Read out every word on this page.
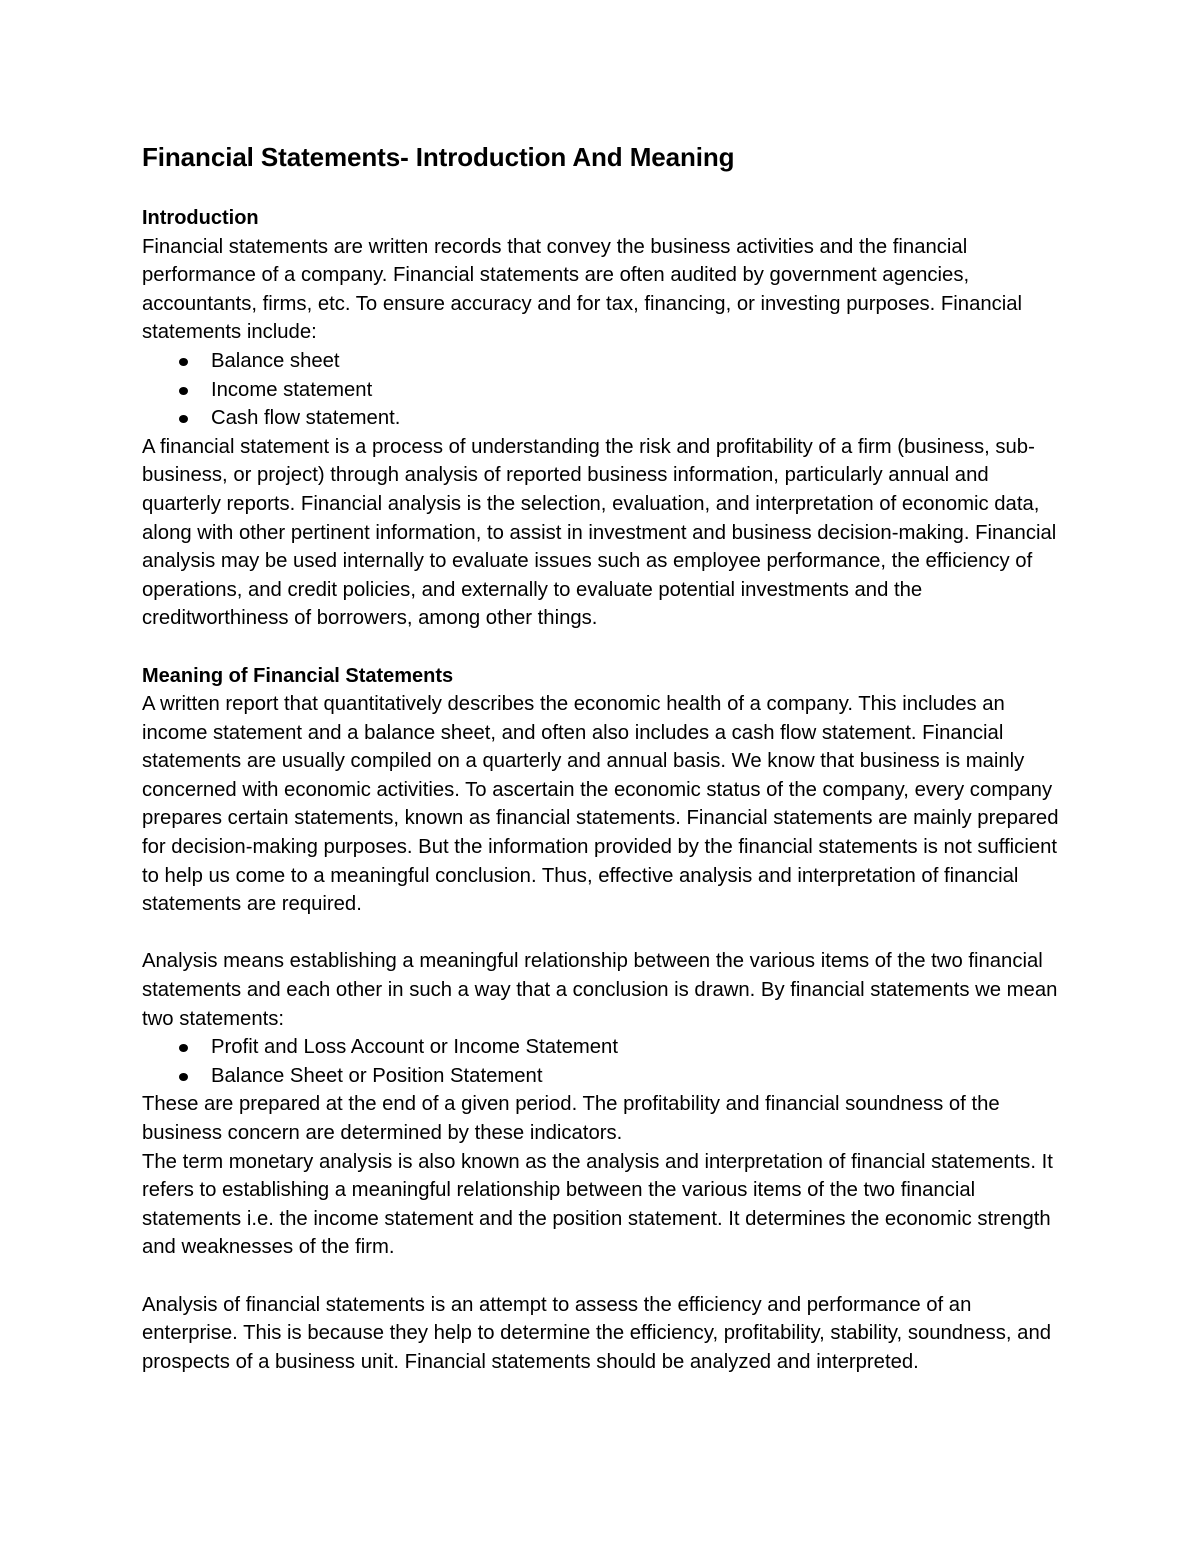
Financial Statements- Introduction And Meaning
Introduction

Financial statements are written records that convey the business activities and the financial performance of a company. Financial statements are often audited by government agencies, accountants, firms, etc. To ensure accuracy and for tax, financing, or investing purposes. Financial statements include:

Balance sheet
Income statement
Cash flow statement.

A financial statement is a process of understanding the risk and profitability of a firm (business, sub-business, or project) through analysis of reported business information, particularly annual and quarterly reports. Financial analysis is the selection, evaluation, and interpretation of economic data, along with other pertinent information, to assist in investment and business decision-making. Financial analysis may be used internally to evaluate issues such as employee performance, the efficiency of operations, and credit policies, and externally to evaluate potential investments and the creditworthiness of borrowers, among other things.

Meaning of Financial Statements

A written report that quantitatively describes the economic health of a company. This includes an income statement and a balance sheet, and often also includes a cash flow statement. Financial statements are usually compiled on a quarterly and annual basis. We know that business is mainly concerned with economic activities. To ascertain the economic status of the company, every company prepares certain statements, known as financial statements. Financial statements are mainly prepared for decision-making purposes. But the information provided by the financial statements is not sufficient to help us come to a meaningful conclusion. Thus, effective analysis and interpretation of financial statements are required.

Analysis means establishing a meaningful relationship between the various items of the two financial statements and each other in such a way that a conclusion is drawn. By financial statements we mean two statements:

Profit and Loss Account or Income Statement
Balance Sheet or Position Statement

These are prepared at the end of a given period. The profitability and financial soundness of the business concern are determined by these indicators.

The term monetary analysis is also known as the analysis and interpretation of financial statements. It refers to establishing a meaningful relationship between the various items of the two financial statements i.e. the income statement and the position statement. It determines the economic strength and weaknesses of the firm.

Analysis of financial statements is an attempt to assess the efficiency and performance of an enterprise. This is because they help to determine the efficiency, profitability, stability, soundness, and prospects of a business unit. Financial statements should be analyzed and interpreted.
